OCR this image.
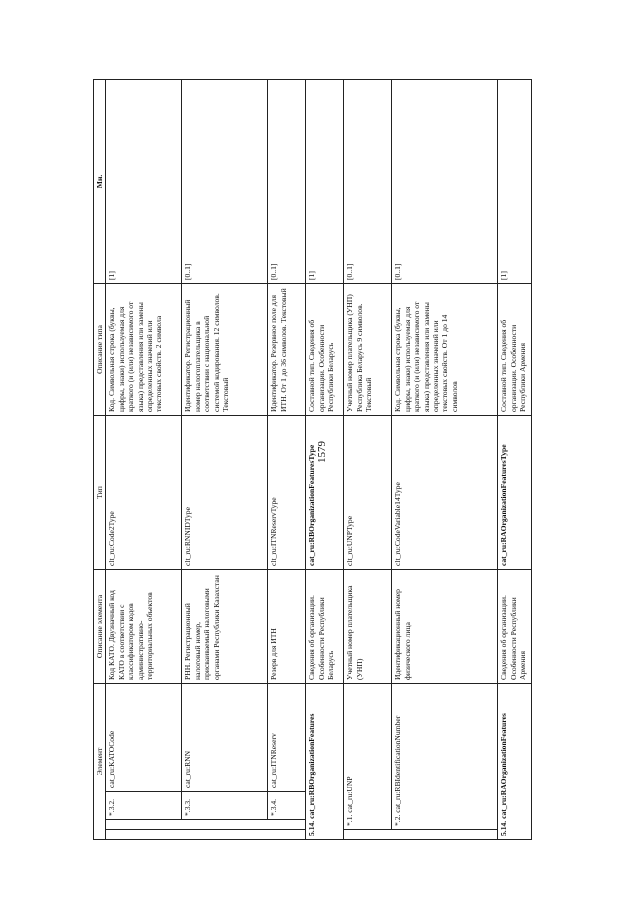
1579
Элемент				Описание элемента	Тип	Описание типа	Мн.
		*.3.2.	cat_ru:KATOCode	Код КАТО. Двузначный код КАТО в соответствии с классификатором кодов административно-территориальных объектов	clt_ru:Code2Type	Код. Символьная строка (буквы, цифры, знаки) используемая для краткого (и (или) независимого от языка) представления или замены определенных значений или текстовых свойств. 2 символа	[1]
		*.3.3.	cat_ru:RNN	РНН. Регистрационный налоговый номер, присваиваемый налоговыми органами Республики Казахстан	clt_ru:RNNIDType	Идентификатор. Регистрационный номер налогоплательщика в соответствии с национальной системой кодирования. 12 символов. Текстовый	[0..1]
		*.3.4.	cat_ru:ITNReserv	Резерв для ИТН	clt_ru:ITNReservType	Идентификатор. Резервное поле для ИТН. От 1 до 36 символов. Текстовый	[0..1]
5.14. cat_ru:RBOrganizationFeatures				Сведения об организации. Особенности Республики Беларусь	cat_ru:RBOrganizationFeaturesType	Составной тип. Сведения об организации. Особенности Республики Беларусь	[1]
	*.1. cat_ru:UNP			Учетный номер плательщика (УНП)	clt_ru:UNPType	Учетный номер плательщика (УНП) Республика Беларусь 9 символов. Текстовый	[0..1]
	*.2. cat_ru:RBIdentificationNumber			Идентификационный номер физического лица	clt_ru:CodeVariable14Type	Код. Символьная строка (буквы, цифры, знаки) используемая для краткого (и (или) независимого от языка) представления или замены определенных значений или текстовых свойств. От 1 до 14 символов	[0..1]
5.14. cat_ru:RAOrganizationFeatures				Сведения об организации. Особенности Республики Армения	cat_ru:RAOrganizationFeaturesType	Составной тип. Сведения об организации. Особенности Республики Армения	[1]
